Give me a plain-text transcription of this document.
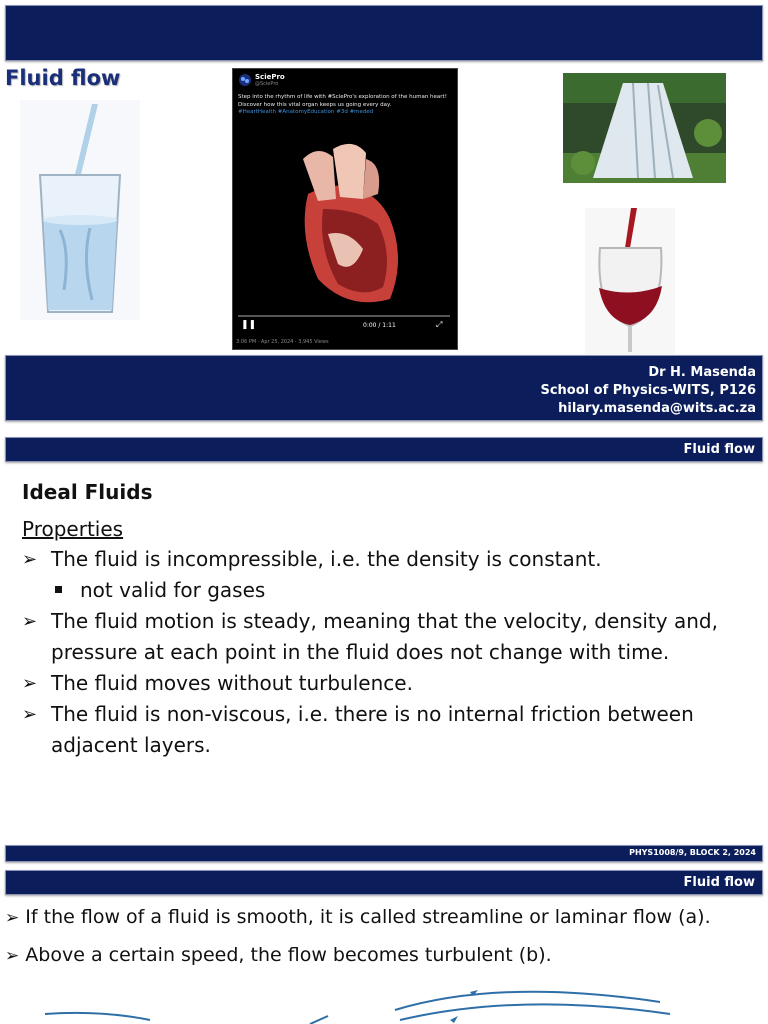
Fluid flow	SciePro
@SciePro
Step into the rhythm of life with #SciePro's exploration of the human heart! Discover how this vital organ keeps us going every day.
#HeartHealth #AnatomyEducation #3d #meded
❚❚	0:00 / 1:11	⤢
3:06 PM · Apr 25, 2024 · 3,945 Views
Dr H. Masenda
School of Physics-WITS, P126
hilary.masenda@wits.ac.za
Fluid flow
Ideal Fluids
Properties
➢ The fluid is incompressible, i.e. the density is constant.
not valid for gases
➢ The fluid motion is steady, meaning that the velocity, density and, pressure at each point in the fluid does not change with time.
➢ The fluid moves without turbulence.
➢ The fluid is non-viscous, i.e. there is no internal friction between adjacent layers.
PHYS1008/9, BLOCK 2, 2024
Fluid flow
➢ If the flow of a fluid is smooth, it is called streamline or laminar flow (a).
➢ Above a certain speed, the flow becomes turbulent (b).
